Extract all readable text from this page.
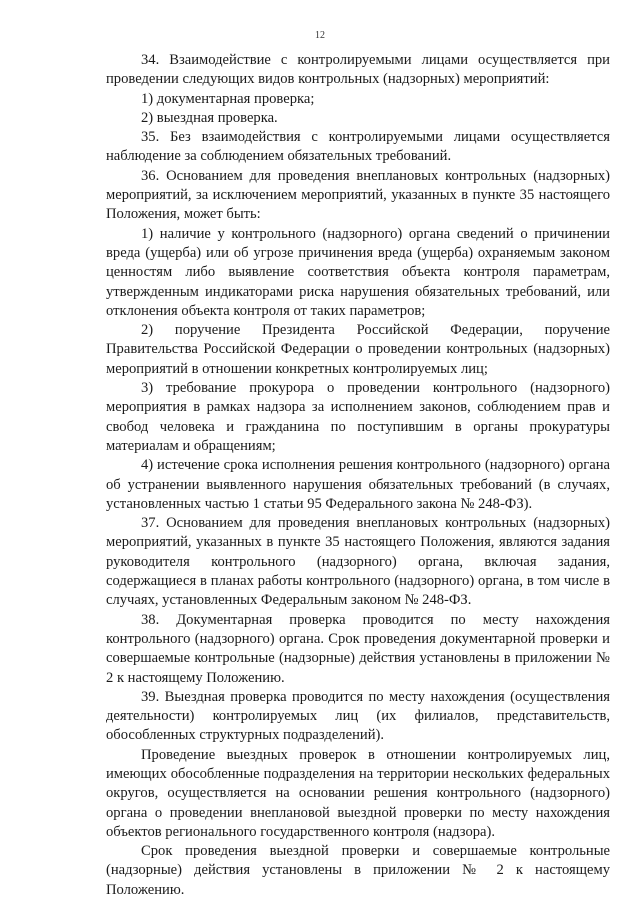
12

34. Взаимодействие с контролируемыми лицами осуществляется при проведении следующих видов контрольных (надзорных) мероприятий:

1) документарная проверка;

2) выездная проверка.

35. Без взаимодействия с контролируемыми лицами осуществляется наблюдение за соблюдением обязательных требований.

36. Основанием для проведения внеплановых контрольных (надзорных) мероприятий, за исключением мероприятий, указанных в пункте 35 настоящего Положения, может быть:

1) наличие у контрольного (надзорного) органа сведений о причинении вреда (ущерба) или об угрозе причинения вреда (ущерба) охраняемым законом ценностям либо выявление соответствия объекта контроля параметрам, утвержденным индикаторами риска нарушения обязательных требований, или отклонения объекта контроля от таких параметров;

2) поручение Президента Российской Федерации, поручение Правительства Российской Федерации о проведении контрольных (надзорных) мероприятий в отношении конкретных контролируемых лиц;

3) требование прокурора о проведении контрольного (надзорного) мероприятия в рамках надзора за исполнением законов, соблюдением прав и свобод человека и гражданина по поступившим в органы прокуратуры материалам и обращениям;

4) истечение срока исполнения решения контрольного (надзорного) органа об устранении выявленного нарушения обязательных требований (в случаях, установленных частью 1 статьи 95 Федерального закона № 248-ФЗ).

37. Основанием для проведения внеплановых контрольных (надзорных) мероприятий, указанных в пункте 35 настоящего Положения, являются задания руководителя контрольного (надзорного) органа, включая задания, содержащиеся в планах работы контрольного (надзорного) органа, в том числе в случаях, установленных Федеральным законом № 248-ФЗ.

38. Документарная проверка проводится по месту нахождения контрольного (надзорного) органа. Срок проведения документарной проверки и совершаемые контрольные (надзорные) действия установлены в приложении № 2 к настоящему Положению.

39. Выездная проверка проводится по месту нахождения (осуществления деятельности) контролируемых лиц (их филиалов, представительств, обособленных структурных подразделений).

Проведение выездных проверок в отношении контролируемых лиц, имеющих обособленные подразделения на территории нескольких федеральных округов, осуществляется на основании решения контрольного (надзорного) органа о проведении внеплановой выездной проверки по месту нахождения объектов регионального государственного контроля (надзора).

Срок проведения выездной проверки и совершаемые контрольные (надзорные) действия установлены в приложении № 2 к настоящему Положению.
